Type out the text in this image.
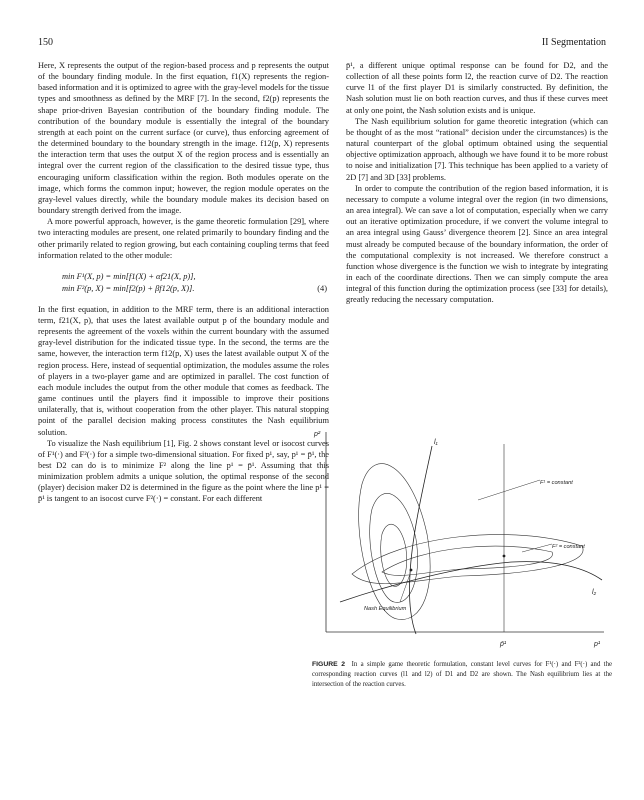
150	II Segmentation

Here, X represents the output of the region-based process and p represents the output of the boundary finding module. In the first equation, f1(X) represents the region-based information and it is optimized to agree with the gray-level models for the tissue types and smoothness as defined by the MRF [7]. In the second, f2(p) represents the shape prior-driven Bayesian contribution of the boundary finding module. The contribution of the boundary module is essentially the integral of the boundary strength at each point on the current surface (or curve), thus enforcing agreement of the determined boundary to the boundary strength in the image. f12(p, X) represents the interaction term that uses the output X of the region process and is essentially an integral over the current region of the classification to the desired tissue type, thus encouraging uniform classification within the region. Both modules operate on the image, which forms the common input; however, the region module operates on the gray-level values directly, while the boundary module makes its decision based on boundary strength derived from the image.

A more powerful approach, however, is the game theoretic formulation [29], where two interacting modules are present, one related primarily to boundary finding and the other primarily related to region growing, but each containing coupling terms that feed information related to the other module:

min F¹(X, p) = min[f1(X) + αf21(X, p)],
min F²(p, X) = min[f2(p) + βf12(p, X)].	(4)

In the first equation, in addition to the MRF term, there is an additional interaction term, f21(X, p), that uses the latest available output p of the boundary module and represents the agreement of the voxels within the current boundary with the assumed gray-level distribution for the indicated tissue type. In the second, the terms are the same, however, the interaction term f12(p, X) uses the latest available output X of the region process. Here, instead of sequential optimization, the modules assume the roles of players in a two-player game and are optimized in parallel. The cost function of each module includes the output from the other module that comes as feedback. The game continues until the players find it impossible to improve their positions unilaterally, that is, without cooperation from the other player. This natural stopping point of the parallel decision making process constitutes the Nash equilibrium solution.

To visualize the Nash equilibrium [1], Fig. 2 shows constant level or isocost curves of F¹(·) and F²(·) for a simple two-dimensional situation. For fixed p¹, say, p¹ = p̄¹, the best D2 can do is to minimize F² along the line p¹ = p̄¹. Assuming that this minimization problem admits a unique solution, the optimal response of the second (player) decision maker D2 is determined in the figure as the point where the line p¹ = p̄¹ is tangent to an isocost curve F²(·) = constant. For each different

p̄¹, a different unique optimal response can be found for D2, and the collection of all these points form l2, the reaction curve of D2. The reaction curve l1 of the first player D1 is similarly constructed. By definition, the Nash solution must lie on both reaction curves, and thus if these curves meet at only one point, the Nash solution exists and is unique.

The Nash equilibrium solution for game theoretic integration (which can be thought of as the most “rational” decision under the circumstances) is the natural counterpart of the global optimum obtained using the sequential objective optimization approach, although we have found it to be more robust to noise and initialization [7]. This technique has been applied to a variety of 2D [7] and 3D [33] problems.

In order to compute the contribution of the region based information, it is necessary to compute a volume integral over the region (in two dimensions, an area integral). We can save a lot of computation, especially when we carry out an iterative optimization procedure, if we convert the volume integral to an area integral using Gauss’ divergence theorem [2]. Since an area integral must already be computed because of the boundary information, the order of the computational complexity is not increased. We therefore construct a function whose divergence is the function we wish to integrate by integrating in each of the coordinate directions. Then we can simply compute the area integral of this function during the optimization process (see [33] for details), greatly reducing the necessary computation.

p²
p¹
p̄¹
l₁
l₂
F¹ = constant
F² = constant
Nash Equilibrium
FIGURE 2 In a simple game theoretic formulation, constant level curves for F¹(·) and F²(·) and the corresponding reaction curves (l1 and l2) of D1 and D2 are shown. The Nash equilibrium lies at the intersection of the reaction curves.
